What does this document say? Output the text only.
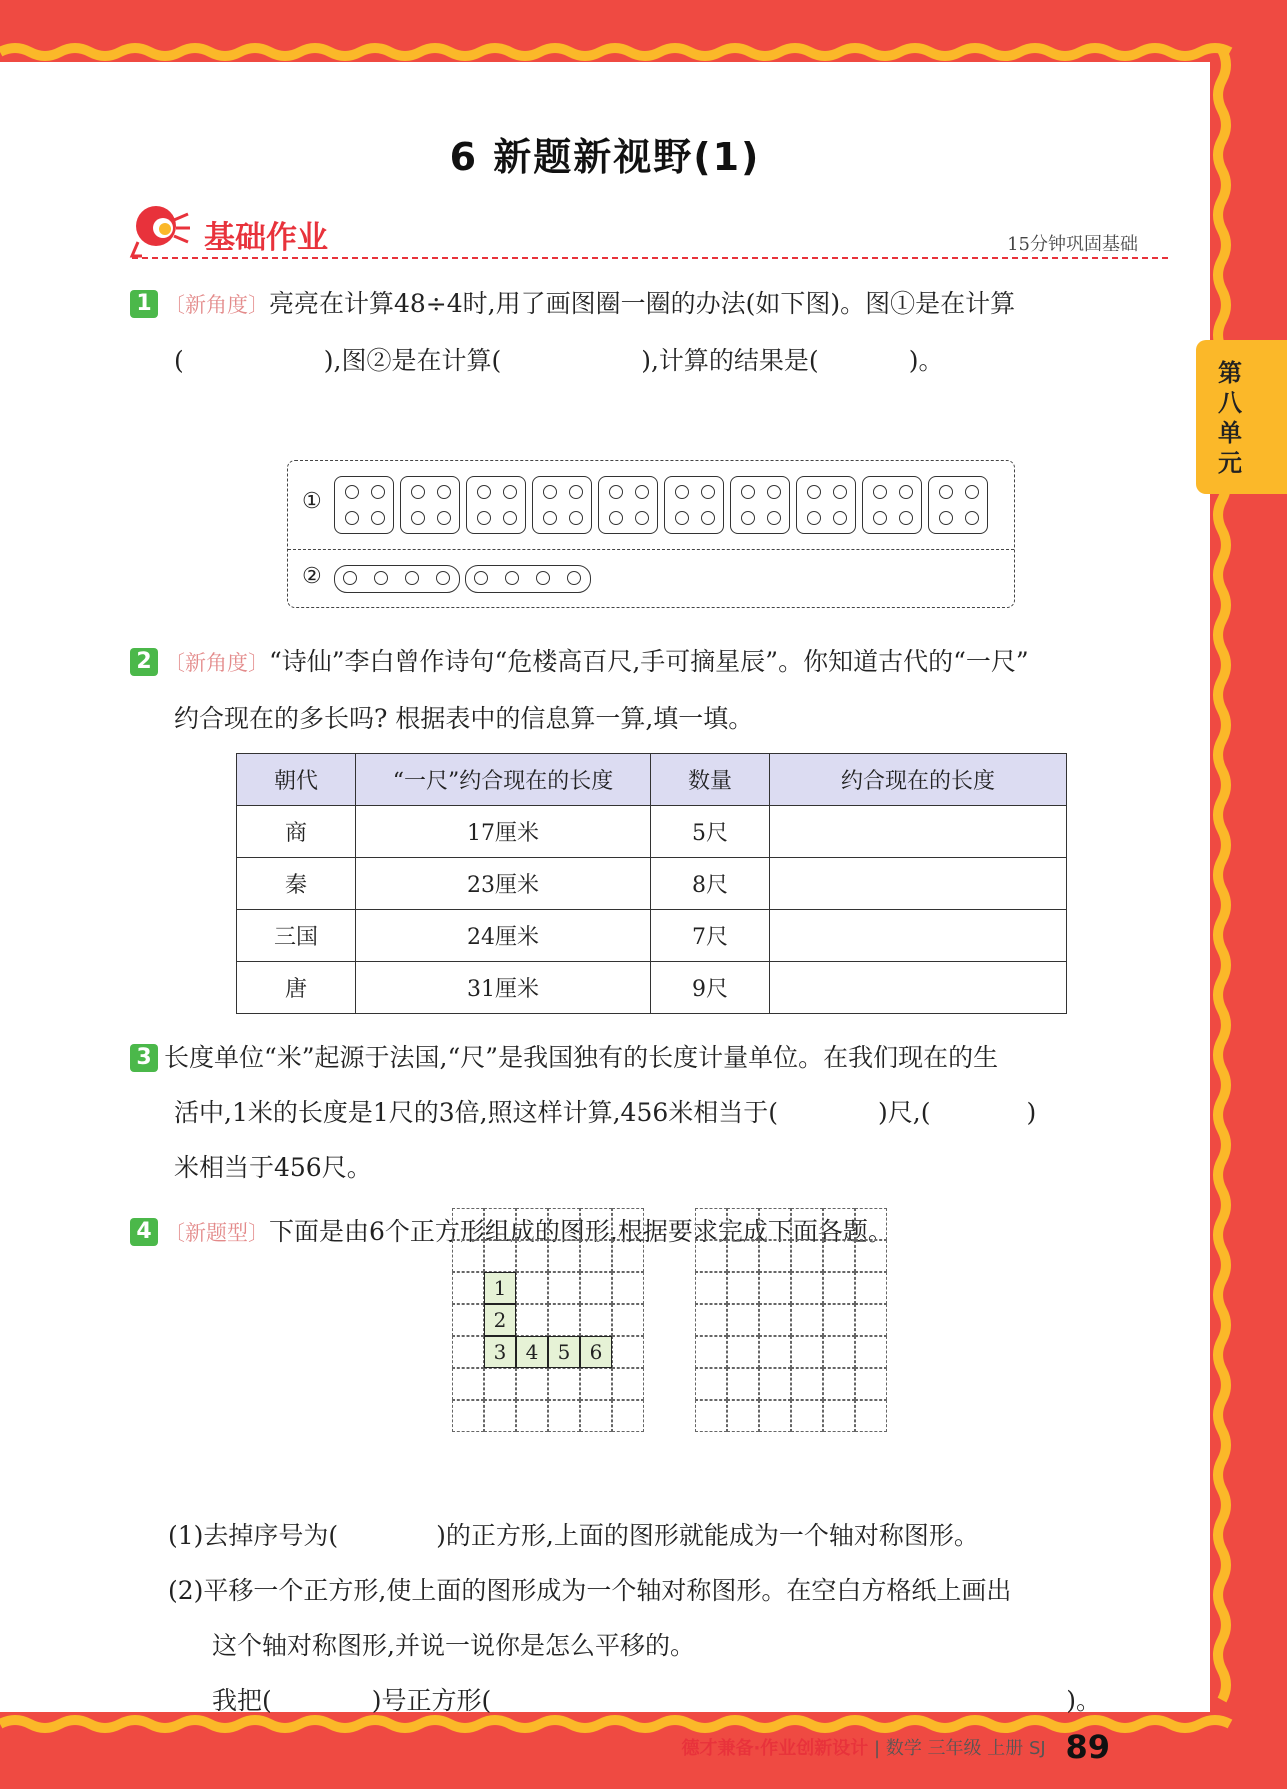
6 新题新视野(1)
基础作业	15分钟巩固基础
1 〔新角度〕亮亮在计算48÷4时,用了画图圈一圈的办法(如下图)。图①是在计算
(	),图②是在计算(	),计算的结果是(	)。
①
②
2 〔新角度〕“诗仙”李白曾作诗句“危楼高百尺,手可摘星辰”。你知道古代的“一尺”
约合现在的多长吗? 根据表中的信息算一算,填一填。
朝代	“一尺”约合现在的长度	数量	约合现在的长度
商	17厘米	5尺	
秦	23厘米	8尺	
三国	24厘米	7尺	
唐	31厘米	9尺	
3 长度单位“米”起源于法国,“尺”是我国独有的长度计量单位。在我们现在的生
活中,1米的长度是1尺的3倍,照这样计算,456米相当于(	)尺,(	)
米相当于456尺。
4 〔新题型〕下面是由6个正方形组成的图形,根据要求完成下面各题。
1
2
3 4 5 6
(1)去掉序号为(	)的正方形,上面的图形就能成为一个轴对称图形。
(2)平移一个正方形,使上面的图形成为一个轴对称图形。在空白方格纸上画出
这个轴对称图形,并说一说你是怎么平移的。
我把(	)号正方形(	)。
德才兼备·作业创新设计 | 数学 三年级 上册 SJ 89
第八单元
